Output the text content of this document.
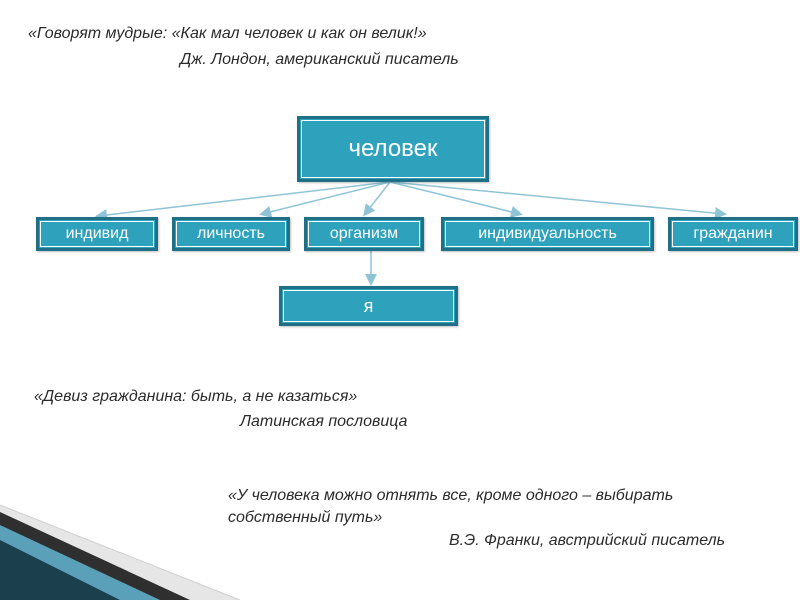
«Говорят мудрые: «Как мал человек и как он велик!»
Дж. Лондон, американский писатель
«Девиз гражданина: быть, а не казаться»
Латинская пословица
«У человека можно отнять все, кроме одного – выбирать
собственный путь»
В.Э. Франки, австрийский писатель
человек
индивид	личность	организм	индивидуальность	гражданин
я
